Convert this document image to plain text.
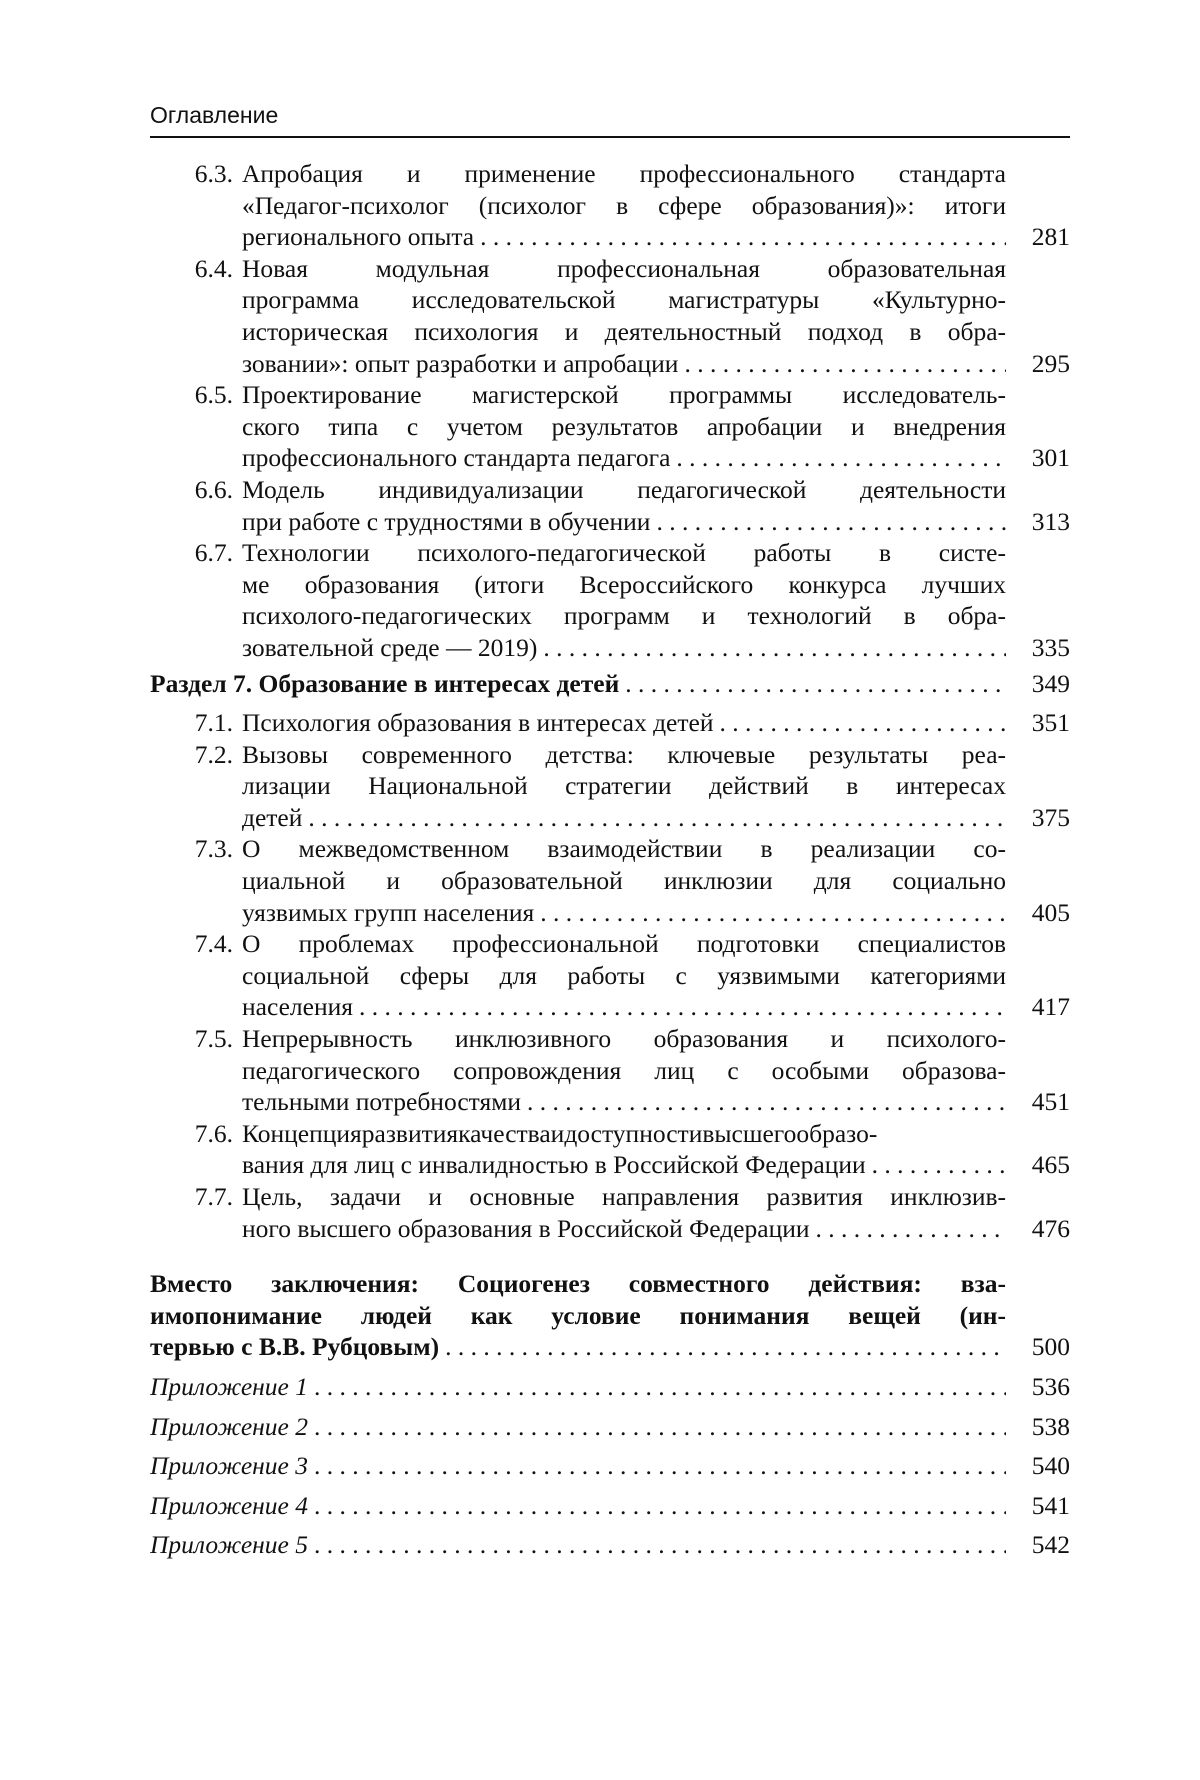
Оглавление
6.3. Апробация и применение профессионального стандарта
«Педагог-психолог (психолог в сфере образования)»: итоги
регионального опыта . . .	281
6.4. Новая модульная профессиональная образовательная
программа исследовательской магистратуры «Культурно-
историческая психология и деятельностный подход в обра-
зовании»: опыт разработки и апробации . . .	295
6.5. Проектирование магистерской программы исследователь-
ского типа с учетом результатов апробации и внедрения
профессионального стандарта педагога . . .	301
6.6. Модель индивидуализации педагогической деятельности
при работе с трудностями в обучении . . .	313
6.7. Технологии психолого-педагогической работы в систе-
ме образования (итоги Всероссийского конкурса лучших
психолого-педагогических программ и технологий в обра-
зовательной среде — 2019) . . .	335
Раздел 7. Образование в интересах детей . . .	349
7.1. Психология образования в интересах детей . . .	351
7.2. Вызовы современного детства: ключевые результаты реа-
лизации Национальной стратегии действий в интересах
детей . . .	375
7.3. О межведомственном взаимодействии в реализации со-
циальной и образовательной инклюзии для социально
уязвимых групп населения . . .	405
7.4. О проблемах профессиональной подготовки специалистов
социальной сферы для работы с уязвимыми категориями
населения . . .	417
7.5. Непрерывность инклюзивного образования и психолого-
педагогического сопровождения лиц с особыми образова-
тельными потребностями . . .	451
7.6. Концепцияразвитиякачестваидоступностивысшегообразо-
вания для лиц с инвалидностью в Российской Федерации . . .	465
7.7. Цель, задачи и основные направления развития инклюзив-
ного высшего образования в Российской Федерации . . .	476
Вместо заключения: Социогенез совместного действия: вза-
имопонимание людей как условие понимания вещей (ин-
тервью с В.В. Рубцовым) . . .	500
Приложение 1 . . .	536
Приложение 2 . . .	538
Приложение 3 . . .	540
Приложение 4 . . .	541
Приложение 5 . . .	542
